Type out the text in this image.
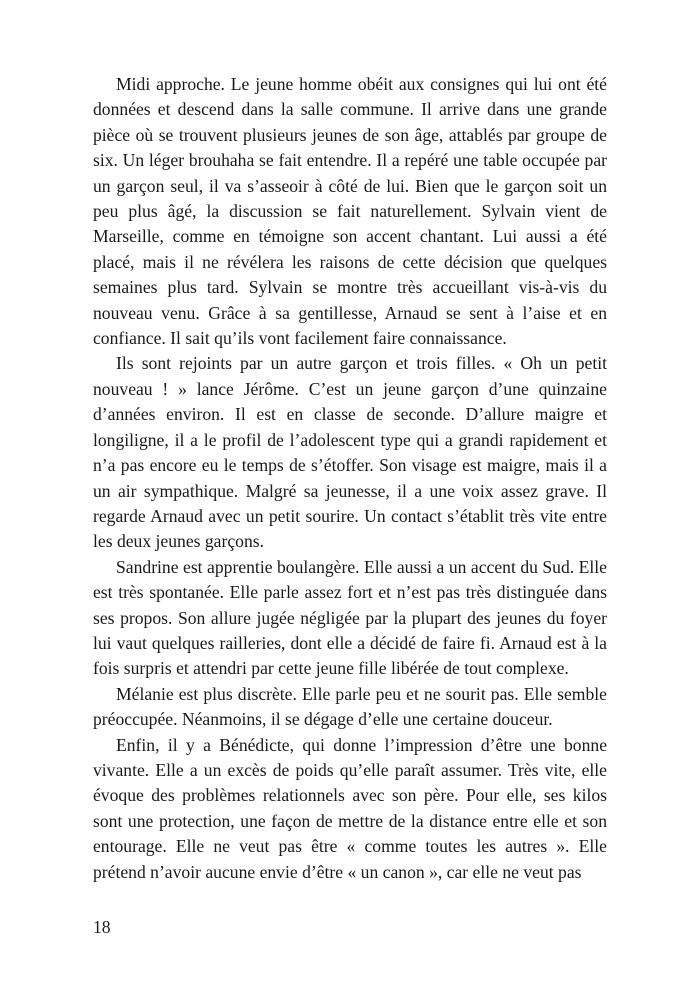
Midi approche. Le jeune homme obéit aux consignes qui lui ont été données et descend dans la salle commune. Il arrive dans une grande pièce où se trouvent plusieurs jeunes de son âge, attablés par groupe de six. Un léger brouhaha se fait entendre. Il a repéré une table occupée par un garçon seul, il va s’asseoir à côté de lui. Bien que le garçon soit un peu plus âgé, la discussion se fait naturellement. Sylvain vient de Marseille, comme en témoigne son accent chantant. Lui aussi a été placé, mais il ne révélera les raisons de cette décision que quelques semaines plus tard. Sylvain se montre très accueillant vis-à-vis du nouveau venu. Grâce à sa gentillesse, Arnaud se sent à l’aise et en confiance. Il sait qu’ils vont facilement faire connaissance.

Ils sont rejoints par un autre garçon et trois filles. « Oh un petit nouveau ! » lance Jérôme. C’est un jeune garçon d’une quinzaine d’années environ. Il est en classe de seconde. D’allure maigre et longiligne, il a le profil de l’adolescent type qui a grandi rapidement et n’a pas encore eu le temps de s’étoffer. Son visage est maigre, mais il a un air sympathique. Malgré sa jeunesse, il a une voix assez grave. Il regarde Arnaud avec un petit sourire. Un contact s’établit très vite entre les deux jeunes garçons.

Sandrine est apprentie boulangère. Elle aussi a un accent du Sud. Elle est très spontanée. Elle parle assez fort et n’est pas très distinguée dans ses propos. Son allure jugée négligée par la plupart des jeunes du foyer lui vaut quelques railleries, dont elle a décidé de faire fi. Arnaud est à la fois surpris et attendri par cette jeune fille libérée de tout complexe.

Mélanie est plus discrète. Elle parle peu et ne sourit pas. Elle semble préoccupée. Néanmoins, il se dégage d’elle une certaine douceur.

Enfin, il y a Bénédicte, qui donne l’impression d’être une bonne vivante. Elle a un excès de poids qu’elle paraît assumer. Très vite, elle évoque des problèmes relationnels avec son père. Pour elle, ses kilos sont une protection, une façon de mettre de la distance entre elle et son entourage. Elle ne veut pas être « comme toutes les autres ». Elle prétend n’avoir aucune envie d’être « un canon », car elle ne veut pas

18
